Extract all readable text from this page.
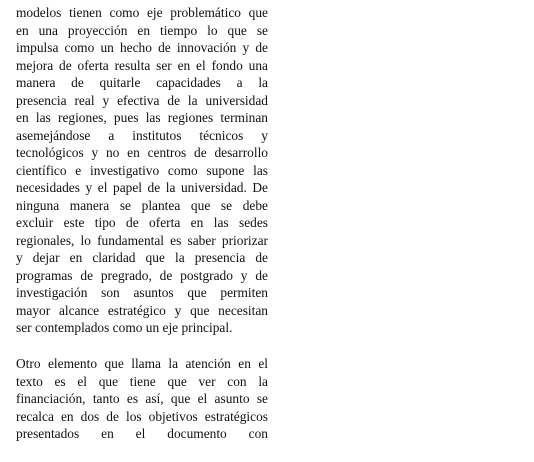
modelos tienen como eje problemático que
en una proyección en tiempo lo que se
impulsa como un hecho de innovación y de
mejora de oferta resulta ser en el fondo una
manera de quitarle capacidades a la
presencia real y efectiva de la universidad
en las regiones, pues las regiones terminan
asemejándose a institutos técnicos y
tecnológicos y no en centros de desarrollo
científico e investigativo como supone las
necesidades y el papel de la universidad. De
ninguna manera se plantea que se debe
excluir este tipo de oferta en las sedes
regionales, lo fundamental es saber priorizar
y dejar en claridad que la presencia de
programas de pregrado, de postgrado y de
investigación son asuntos que permiten
mayor alcance estratégico y que necesitan
ser contemplados como un eje principal.
Otro elemento que llama la atención en el
texto es el que tiene que ver con la
financiación, tanto es así, que el asunto se
recalca en dos de los objetivos estratégicos
presentados en el documento con
